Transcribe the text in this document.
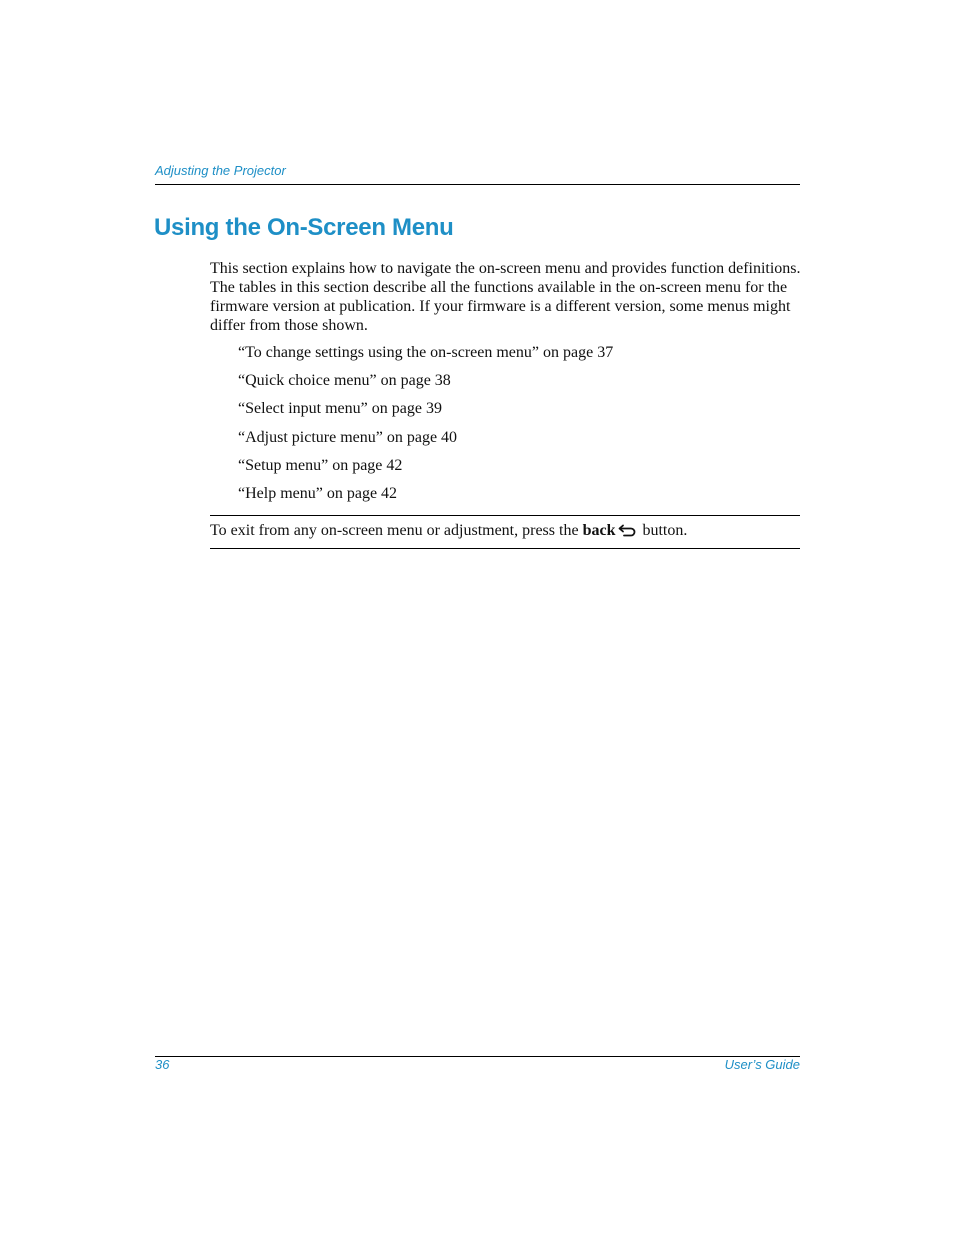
Adjusting the Projector
Using the On-Screen Menu

This section explains how to navigate the on-screen menu and provides function definitions. The tables in this section describe all the functions available in the on-screen menu for the firmware version at publication. If your firmware is a different version, some menus might differ from those shown.

“To change settings using the on-screen menu” on page 37
“Quick choice menu” on page 38
“Select input menu” on page 39
“Adjust picture menu” on page 40
“Setup menu” on page 42
“Help menu” on page 42
To exit from any on-screen menu or adjustment, press the back button.
36	User’s Guide
